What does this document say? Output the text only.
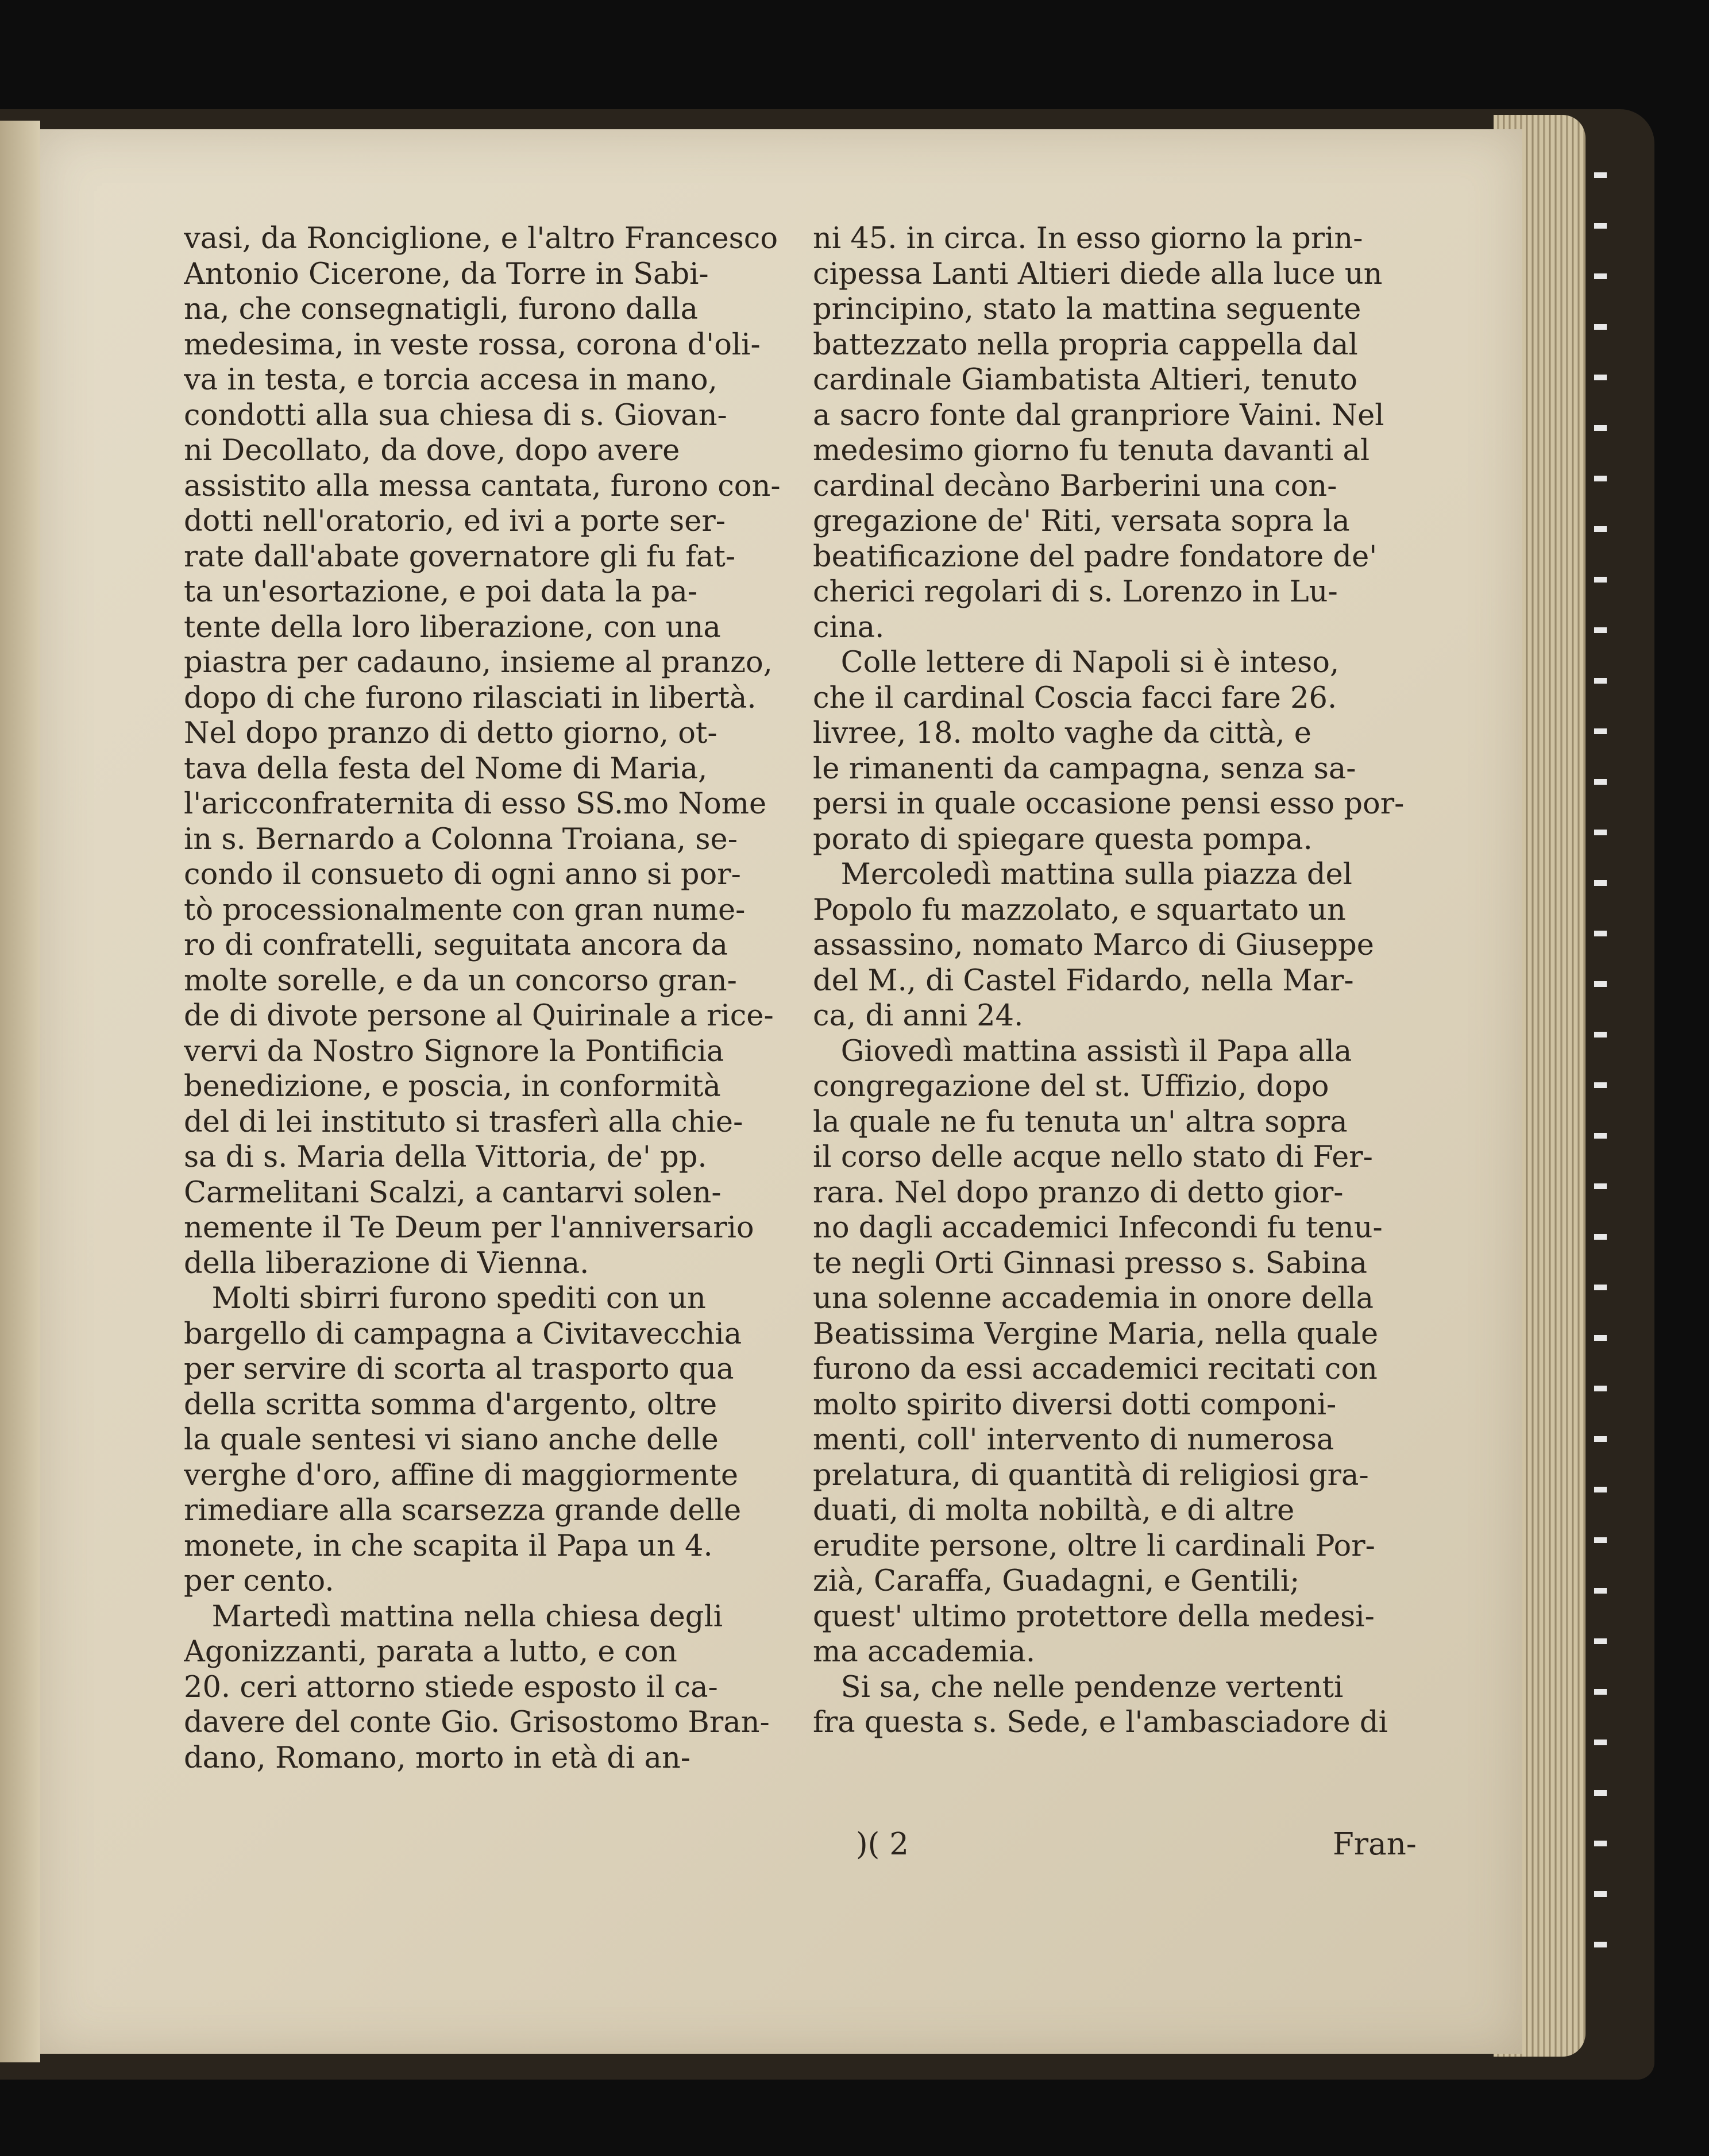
vasi, da Ronciglione, e l'altro Francesco
Antonio Cicerone, da Torre in Sabi-
na, che consegnatigli, furono dalla
medesima, in veste rossa, corona d'oli-
va in testa, e torcia accesa in mano,
condotti alla sua chiesa di s. Giovan-
ni Decollato, da dove, dopo avere
assistito alla messa cantata, furono con-
dotti nell'oratorio, ed ivi a porte ser-
rate dall'abate governatore gli fu fat-
ta un'esortazione, e poi data la pa-
tente della loro liberazione, con una
piastra per cadauno, insieme al pranzo,
dopo di che furono rilasciati in libertà.
Nel dopo pranzo di detto giorno, ot-
tava della festa del Nome di Maria,
l'aricconfraternita di esso SS.mo Nome
in s. Bernardo a Colonna Troiana, se-
condo il consueto di ogni anno si por-
tò processionalmente con gran nume-
ro di confratelli, seguitata ancora da
molte sorelle, e da un concorso gran-
de di divote persone al Quirinale a rice-
vervi da Nostro Signore la Pontificia
benedizione, e poscia, in conformità
del di lei instituto si trasferì alla chie-
sa di s. Maria della Vittoria, de' pp.
Carmelitani Scalzi, a cantarvi solen-
nemente il Te Deum per l'anniversario
della liberazione di Vienna.
Molti sbirri furono spediti con un
bargello di campagna a Civitavecchia
per servire di scorta al trasporto qua
della scritta somma d'argento, oltre
la quale sentesi vi siano anche delle
verghe d'oro, affine di maggiormente
rimediare alla scarsezza grande delle
monete, in che scapita il Papa un 4.
per cento.
Martedì mattina nella chiesa degli
Agonizzanti, parata a lutto, e con
20. ceri attorno stiede esposto il ca-
davere del conte Gio. Grisostomo Bran-
dano, Romano, morto in età di an-
ni 45. in circa. In esso giorno la prin-
cipessa Lanti Altieri diede alla luce un
principino, stato la mattina seguente
battezzato nella propria cappella dal
cardinale Giambatista Altieri, tenuto
a sacro fonte dal granpriore Vaini. Nel
medesimo giorno fu tenuta davanti al
cardinal decàno Barberini una con-
gregazione de' Riti, versata sopra la
beatificazione del padre fondatore de'
cherici regolari di s. Lorenzo in Lu-
cina.
Colle lettere di Napoli si è inteso,
che il cardinal Coscia facci fare 26.
livree, 18. molto vaghe da città, e
le rimanenti da campagna, senza sa-
persi in quale occasione pensi esso por-
porato di spiegare questa pompa.
Mercoledì mattina sulla piazza del
Popolo fu mazzolato, e squartato un
assassino, nomato Marco di Giuseppe
del M., di Castel Fidardo, nella Mar-
ca, di anni 24.
Giovedì mattina assistì il Papa alla
congregazione del st. Uffizio, dopo
la quale ne fu tenuta un' altra sopra
il corso delle acque nello stato di Fer-
rara. Nel dopo pranzo di detto gior-
no dagli accademici Infecondi fu tenu-
te negli Orti Ginnasi presso s. Sabina
una solenne accademia in onore della
Beatissima Vergine Maria, nella quale
furono da essi accademici recitati con
molto spirito diversi dotti componi-
menti, coll' intervento di numerosa
prelatura, di quantità di religiosi gra-
duati, di molta nobiltà, e di altre
erudite persone, oltre li cardinali Por-
zià, Caraffa, Guadagni, e Gentili;
quest' ultimo protettore della medesi-
ma accademia.
Si sa, che nelle pendenze vertenti
fra questa s. Sede, e l'ambasciadore di
)( 2	Fran-
